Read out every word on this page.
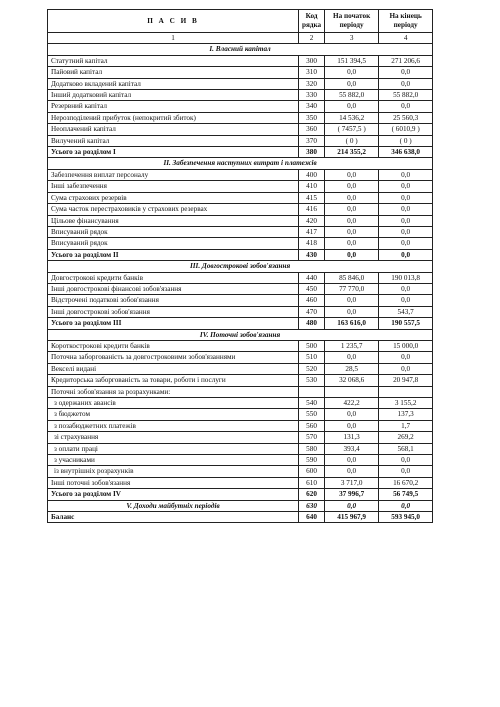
П А С И В	Код рядка	На початок періоду	На кінець періоду
1	2	3	4
I. Власний капітал			
Статутний капітал	300	151 394,5	271 206,6
Пайовий капітал	310	0,0	0,0
Додатково вкладений капітал	320	0,0	0,0
Інший додатковий капітал	330	55 882,0	55 882,0
Резервний капітал	340	0,0	0,0
Нерозподілений прибуток (непокритий збиток)	350	14 536,2	25 560,3
Неоплачений капітал	360	( 7457,5 )	( 6010,9 )
Вилучений капітал	370	( 0 )	( 0 )
Усього за розділом I	380	214 355,2	346 638,0
II. Забезпечення наступних витрат і платежів			
Забезпечення виплат персоналу	400	0,0	0,0
Інші забезпечення	410	0,0	0,0
Сума страхових резервів	415	0,0	0,0
Сума часток перестраховиків у страхових резервах	416	0,0	0,0
Цільове фінансування	420	0,0	0,0
Вписуваний рядок	417	0,0	0,0
Вписуваний рядок	418	0,0	0,0
Усього за розділом II	430	0,0	0,0
III. Довгострокові зобов'язання			
Довгострокові кредити банків	440	85 846,0	190 013,8
Інші довгострокові фінансові зобов'язання	450	77 770,0	0,0
Відстрочені податкові зобов'язання	460	0,0	0,0
Інші довгострокові зобов'язання	470	0,0	543,7
Усього за розділом III	480	163 616,0	190 557,5
IV. Поточні зобов'язання			
Короткострокові кредити банків	500	1 235,7	15 000,0
Поточна заборгованість за довгостроковими зобов'язаннями	510	0,0	0,0
Векселі видані	520	28,5	0,0
Кредиторська заборгованість за товари, роботи і послуги	530	32 068,6	20 947,8
Поточні зобов'язання за розрахунками:			
з одержаних авансів	540	422,2	3 155,2
з бюджетом	550	0,0	137,3
з позабюджетних платежів	560	0,0	1,7
зі страхування	570	131,3	269,2
з оплати праці	580	393,4	568,1
з учасниками	590	0,0	0,0
із внутрішніх розрахунків	600	0,0	0,0
Інші поточні зобов'язання	610	3 717,0	16 670,2
Усього за розділом IV	620	37 996,7	56 749,5
V. Доходи майбутніх періодів	630	0,0	0,0
Баланс	640	415 967,9	593 945,0
